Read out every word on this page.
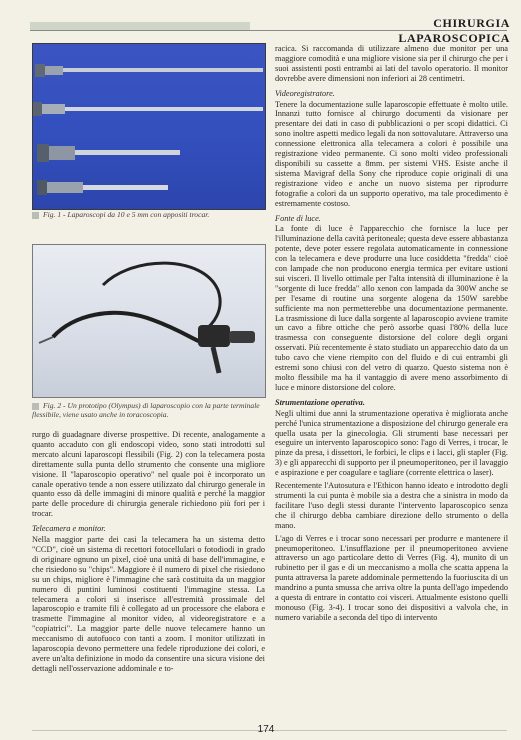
CHIRURGIA LAPAROSCOPICA
Fig. 1 - Laparoscopi da 10 e 5 mm con appositi trocar.
Fig. 2 - Un prototipo (Olympus) di laparoscopio con la parte terminale flessibile, viene usato anche in toracoscopia.

rurgo di guadagnare diverse prospettive. Di recente, analogamente a quanto accaduto con gli endoscopi video, sono stati introdotti sul mercato alcuni laparoscopi flessibili (Fig. 2) con la telecamera posta direttamente sulla punta dello strumento che consente una migliore visione. Il "laparoscopio operativo" nel quale poi è incorporato un canale operativo tende a non essere utilizzato dal chirurgo generale in quanto esso dà delle immagini di minore qualità e perché la maggior parte delle procedure di chirurgia generale richiedono più fori per i trocar.

Telecamera e monitor.

Nella maggior parte dei casi la telecamera ha un sistema detto "CCD", cioè un sistema di recettori fotocellulari o fotodiodi in grado di originare ognuno un pixel, cioè una unità di base dell'immagine, e che risiedono su "chips". Maggiore è il numero di pixel che risiedono su un chips, migliore è l'immagine che sarà costituita da un maggior numero di puntini luminosi costituenti l'immagine stessa. La telecamera a colori si inserisce all'estremità prossimale del laparoscopio e tramite fili è collegato ad un processore che elabora e trasmette l'immagine al monitor video, al videoregistratore e a "copiatrici". La maggior parte delle nuove telecamere hanno un meccanismo di autofuoco con tanti a zoom. I monitor utilizzati in laparoscopia devono permettere una fedele riproduzione dei colori, e avere un'alta definizione in modo da consentire una sicura visione dei dettagli nell'osservazione addominale e to-

racica. Si raccomanda di utilizzare almeno due monitor per una maggiore comodità e una migliore visione sia per il chirurgo che per i suoi assistenti posti entrambi ai lati del tavolo operatorio. Il monitor dovrebbe avere dimensioni non inferiori ai 28 centimetri.

Videoregistratore.

Tenere la documentazione sulle laparoscopie effettuate è molto utile. Innanzi tutto fornisce al chirurgo documenti da visionare per presentare dei dati in caso di pubblicazioni o per scopi didattici. Ci sono inoltre aspetti medico legali da non sottovalutare. Attraverso una connessione elettronica alla telecamera a colori è possibile una registrazione video permanente. Ci sono molti video professionali disponibili su cassette a 8mm. per sistemi VHS. Esiste anche il sistema Mavigraf della Sony che riproduce copie originali di una registrazione video e anche un nuovo sistema per riprodurre fotografie a colori da un supporto operativo, ma tale procedimento è estremamente costoso.

Fonte di luce.

La fonte di luce è l'apparecchio che fornisce la luce per l'illuminazione della cavità peritoneale; questa deve essere abbastanza potente, deve poter essere regolata automaticamente in connessione con la telecamera e deve produrre una luce cosiddetta "fredda" cioè con lampade che non producono energia termica per evitare ustioni sui visceri. Il livello ottimale per l'alta intensità di illuminazione è la "sorgente di luce fredda" allo xenon con lampada da 300W anche se per l'esame di routine una sorgente alogena da 150W sarebbe sufficiente ma non permetterebbe una documentazione permanente. La trasmissione di luce dalla sorgente al laparoscopio avviene tramite un cavo a fibre ottiche che però assorbe quasi l'80% della luce trasmessa con conseguente distorsione del colore degli organi osservati. Più recentemente è stato studiato un apparecchio dato da un tubo cavo che viene riempito con del fluido e di cui entrambi gli estremi sono chiusi con del vetro di quarzo. Questo sistema non è molto flessibile ma ha il vantaggio di avere meno assorbimento di luce e minore distorsione del colore.

Strumentazione operativa.

Negli ultimi due anni la strumentazione operativa è migliorata anche perché l'unica strumentazione a disposizione del chirurgo generale era quella usata per la ginecologia. Gli strumenti base necessari per eseguire un intervento laparoscopico sono: l'ago di Verres, i trocar, le pinze da presa, i dissettori, le forbici, le clips e i lacci, gli stapler (Fig. 3) e gli apparecchi di supporto per il pneumoperitoneo, per il lavaggio e aspirazione e per coagulare e tagliare (corrente elettrica o laser).

Recentemente l'Autosutura e l'Ethicon hanno ideato e introdotto degli strumenti la cui punta è mobile sia a destra che a sinistra in modo da facilitare l'uso degli stessi durante l'intervento laparoscopico senza che il chirurgo debba cambiare direzione dello strumento o della mano.

L'ago di Verres e i trocar sono necessari per produrre e mantenere il pneumoperitoneo. L'insufflazione per il pneumoperitoneo avviene attraverso un ago particolare detto di Verres (Fig. 4), munito di un rubinetto per il gas e di un meccanismo a molla che scatta appena la punta attraversa la parete addominale permettendo la fuoriuscita di un mandrino a punta smussa che arriva oltre la punta dell'ago impedendo a questa di entrare in contatto coi visceri. Attualmente esistono quelli monouso (Fig. 3-4). I trocar sono dei dispositivi a valvola che, in numero variabile a seconda del tipo di intervento

174
